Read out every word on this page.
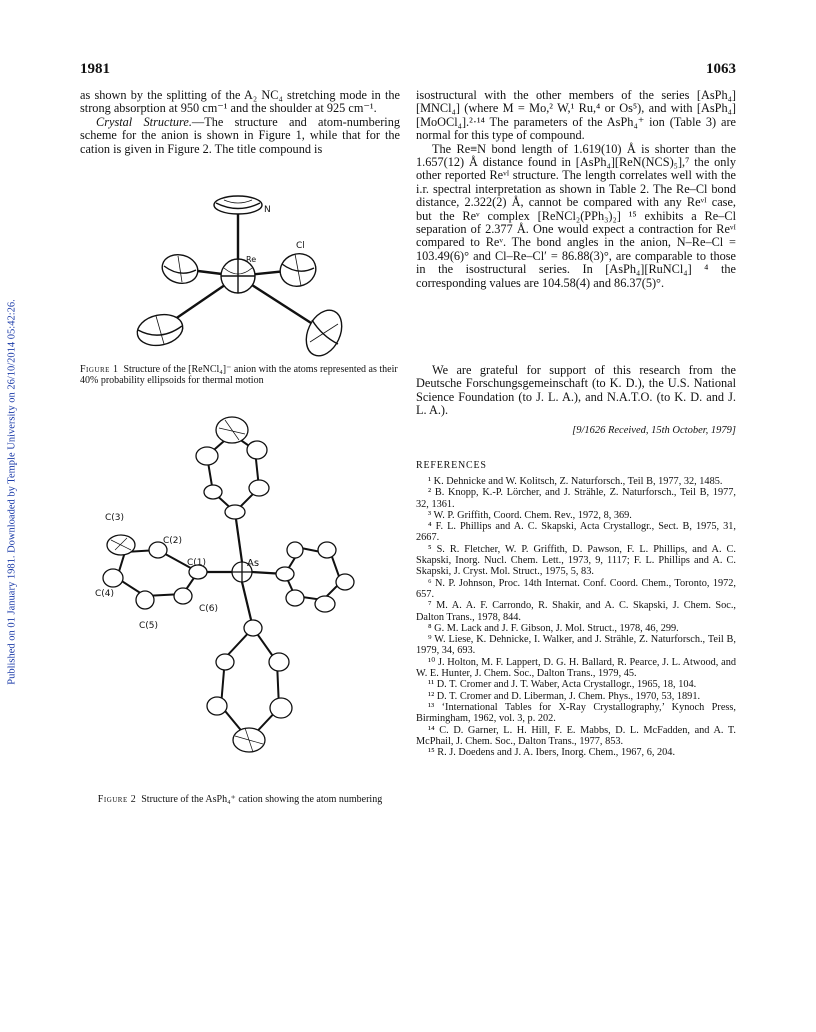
1981	1063
Published on 01 January 1981. Downloaded by Temple University on 26/10/2014 05:42:26.

as shown by the splitting of the A₂ NC₄ stretching mode in the strong absorption at 950 cm⁻¹ and the shoulder at 925 cm⁻¹.

Crystal Structure.—The structure and atom-numbering scheme for the anion is shown in Figure 1, while that for the cation is given in Figure 2. The title compound is

N
Cl
Re
Figure 1 Structure of the [ReNCl₄]⁻ anion with the atoms represented as their 40% probability ellipsoids for thermal motion
C(3)
C(2)
C(1)	As
C(4)
C(6)
C(5)
Figure 2 Structure of the AsPh₄⁺ cation showing the atom numbering

isostructural with the other members of the series [AsPh₄][MNCl₄] (where M = Mo,² W,¹ Ru,⁴ or Os⁵), and with [AsPh₄][MoOCl₄].²·¹⁴ The parameters of the AsPh₄⁺ ion (Table 3) are normal for this type of compound.

The Re≡N bond length of 1.619(10) Å is shorter than the 1.657(12) Å distance found in [AsPh₄][ReN(NCS)₅],⁷ the only other reported Reᵛᴵ structure. The length correlates well with the i.r. spectral interpretation as shown in Table 2. The Re–Cl bond distance, 2.322(2) Å, cannot be compared with any Reᵛᴵ case, but the Reᵛ complex [ReNCl₂(PPh₃)₂] ¹⁵ exhibits a Re–Cl separation of 2.377 Å. One would expect a contraction for Reᵛᴵ compared to Reᵛ. The bond angles in the anion, N–Re–Cl = 103.49(6)° and Cl–Re–Cl′ = 86.88(3)°, are comparable to those in the isostructural series. In [AsPh₄][RuNCl₄] ⁴ the corresponding values are 104.58(4) and 86.37(5)°.

We are grateful for support of this research from the Deutsche Forschungsgemeinschaft (to K. D.), the U.S. National Science Foundation (to J. L. A.), and N.A.T.O. (to K. D. and J. L. A.).

[9/1626 Received, 15th October, 1979]
REFERENCES
¹ K. Dehnicke and W. Kolitsch, Z. Naturforsch., Teil B, 1977, 32, 1485.
² B. Knopp, K.-P. Lörcher, and J. Strähle, Z. Naturforsch., Teil B, 1977, 32, 1361.
³ W. P. Griffith, Coord. Chem. Rev., 1972, 8, 369.
⁴ F. L. Phillips and A. C. Skapski, Acta Crystallogr., Sect. B, 1975, 31, 2667.
⁵ S. R. Fletcher, W. P. Griffith, D. Pawson, F. L. Phillips, and A. C. Skapski, Inorg. Nucl. Chem. Lett., 1973, 9, 1117; F. L. Phillips and A. C. Skapski, J. Cryst. Mol. Struct., 1975, 5, 83.
⁶ N. P. Johnson, Proc. 14th Internat. Conf. Coord. Chem., Toronto, 1972, 657.
⁷ M. A. A. F. Carrondo, R. Shakir, and A. C. Skapski, J. Chem. Soc., Dalton Trans., 1978, 844.
⁸ G. M. Lack and J. F. Gibson, J. Mol. Struct., 1978, 46, 299.
⁹ W. Liese, K. Dehnicke, I. Walker, and J. Strähle, Z. Naturforsch., Teil B, 1979, 34, 693.
¹⁰ J. Holton, M. F. Lappert, D. G. H. Ballard, R. Pearce, J. L. Atwood, and W. E. Hunter, J. Chem. Soc., Dalton Trans., 1979, 45.
¹¹ D. T. Cromer and J. T. Waber, Acta Crystallogr., 1965, 18, 104.
¹² D. T. Cromer and D. Liberman, J. Chem. Phys., 1970, 53, 1891.
¹³ ‘International Tables for X-Ray Crystallography,’ Kynoch Press, Birmingham, 1962, vol. 3, p. 202.
¹⁴ C. D. Garner, L. H. Hill, F. E. Mabbs, D. L. McFadden, and A. T. McPhail, J. Chem. Soc., Dalton Trans., 1977, 853.
¹⁵ R. J. Doedens and J. A. Ibers, Inorg. Chem., 1967, 6, 204.
